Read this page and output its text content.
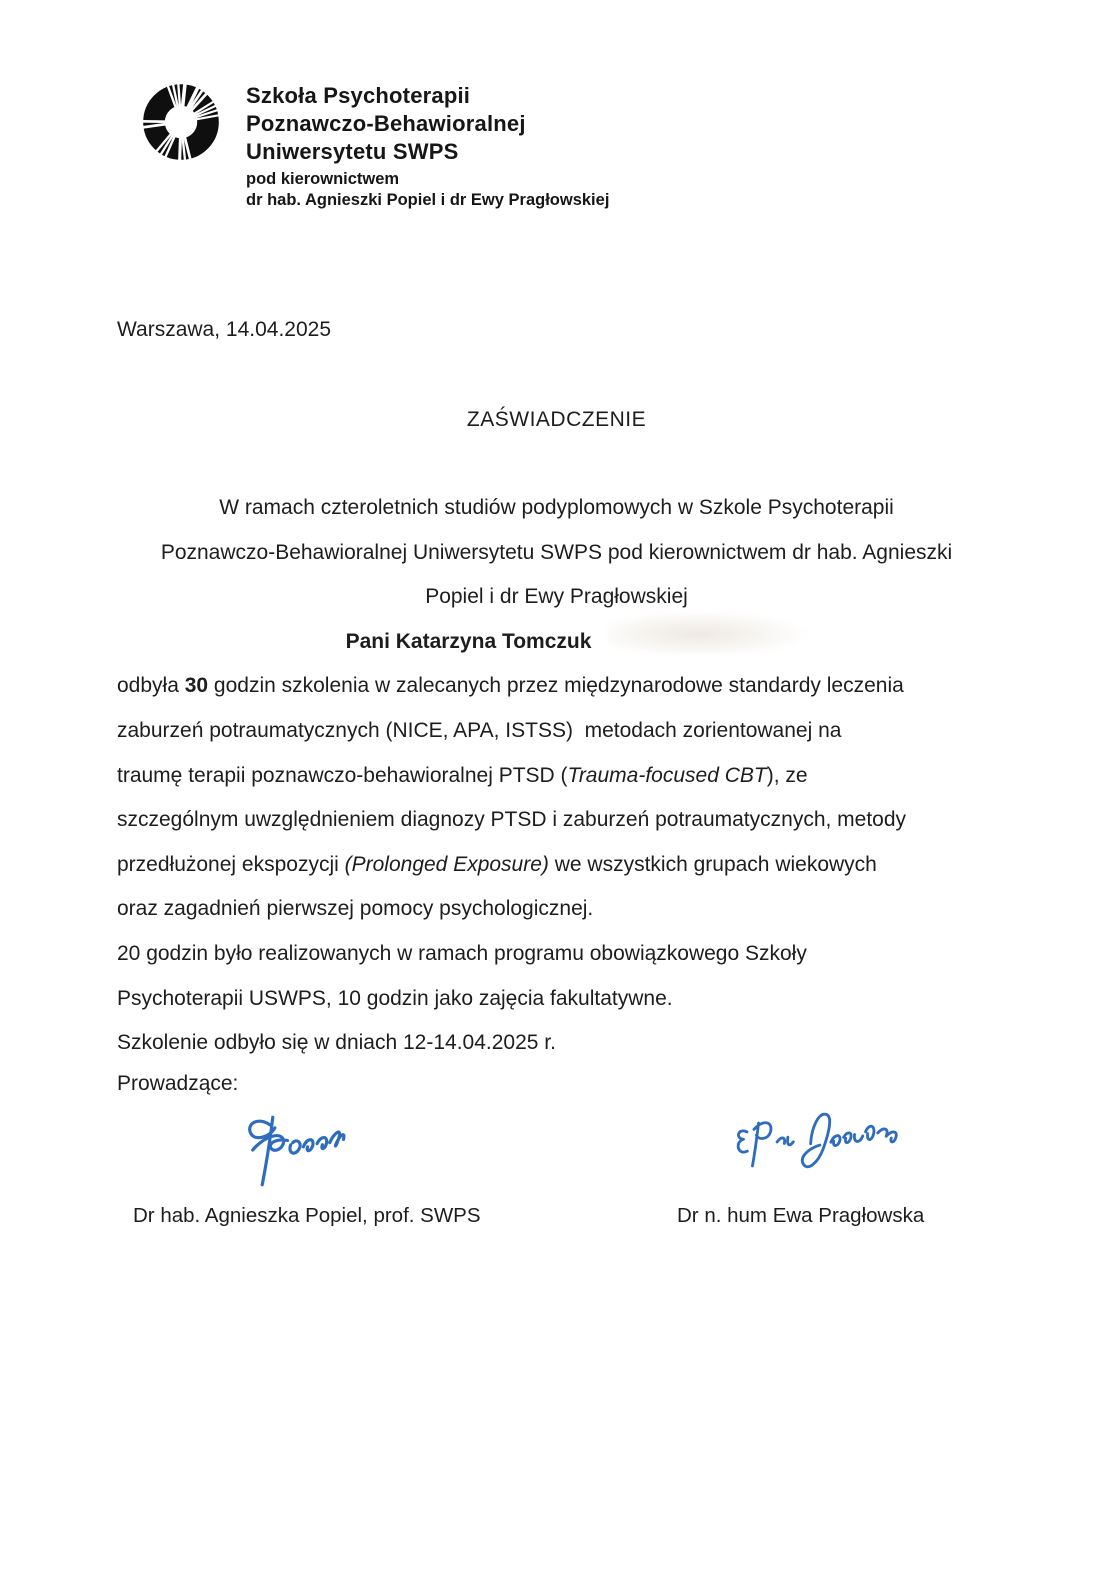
Szkoła Psychoterapii
Poznawczo-Behawioralnej
Uniwersytetu SWPS
pod kierownictwem
dr hab. Agnieszki Popiel i dr Ewy Pragłowskiej
Warszawa, 14.04.2025
ZAŚWIADCZENIE
W ramach czteroletnich studiów podyplomowych w Szkole Psychoterapii
Poznawczo-Behawioralnej Uniwersytetu SWPS pod kierownictwem dr hab. Agnieszki
Popiel i dr Ewy Pragłowskiej
Pani Katarzyna Tomczuk
odbyła 30 godzin szkolenia w zalecanych przez międzynarodowe standardy leczenia
zaburzeń potraumatycznych (NICE, APA, ISTSS)  metodach zorientowanej na
traumę terapii poznawczo-behawioralnej PTSD (Trauma-focused CBT), ze
szczególnym uwzględnieniem diagnozy PTSD i zaburzeń potraumatycznych, metody
przedłużonej ekspozycji (Prolonged Exposure) we wszystkich grupach wiekowych
oraz zagadnień pierwszej pomocy psychologicznej.
20 godzin było realizowanych w ramach programu obowiązkowego Szkoły
Psychoterapii USWPS, 10 godzin jako zajęcia fakultatywne.
Szkolenie odbyło się w dniach 12-14.04.2025 r.
Prowadzące:
Dr hab. Agnieszka Popiel, prof. SWPS	Dr n. hum Ewa Pragłowska
